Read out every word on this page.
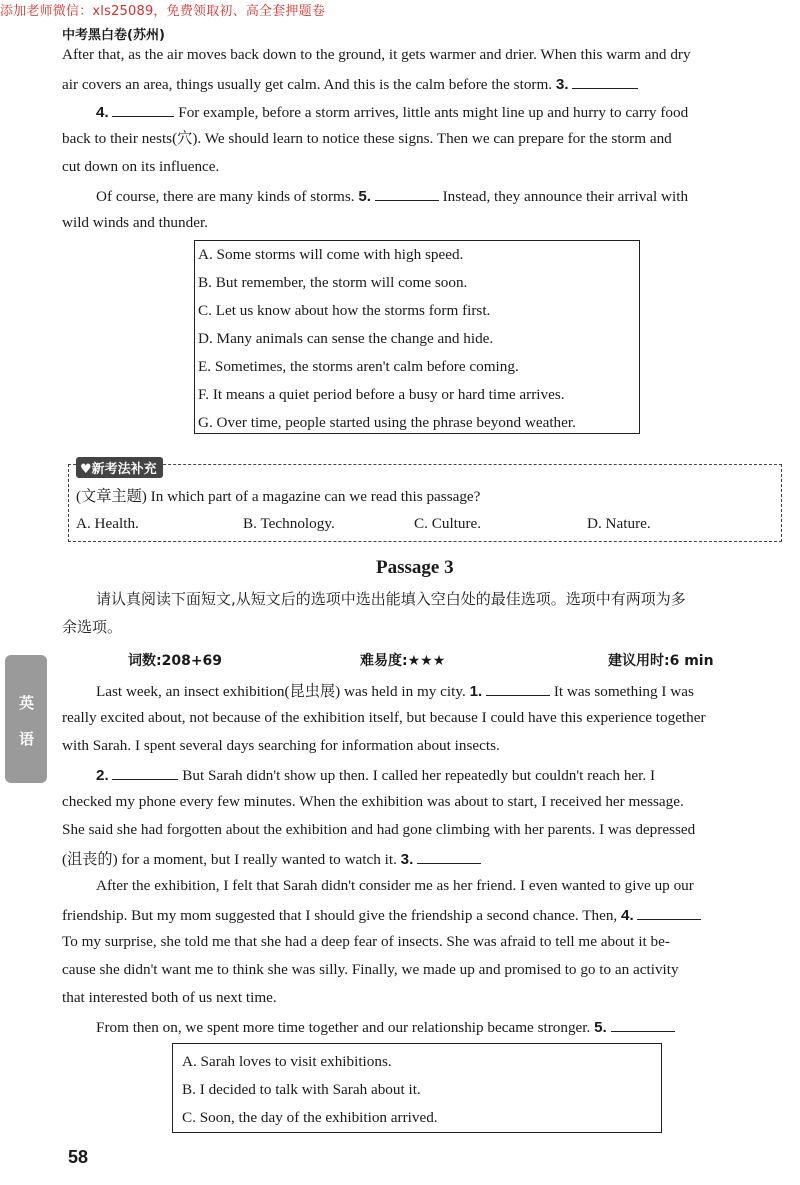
添加老师微信：xls25089，免费领取初、高全套押题卷
中考黑白卷(苏州)
After that, as the air moves back down to the ground, it gets warmer and drier. When this warm and dry
air covers an area, things usually get calm. And this is the calm before the storm. 3.
4.	For example, before a storm arrives, little ants might line up and hurry to carry food
back to their nests(穴). We should learn to notice these signs. Then we can prepare for the storm and
cut down on its influence.
Of course, there are many kinds of storms. 5.	Instead, they announce their arrival with
wild winds and thunder.
A. Some storms will come with high speed.
B. But remember, the storm will come soon.
C. Let us know about how the storms form first.
D. Many animals can sense the change and hide.
E. Sometimes, the storms aren't calm before coming.
F. It means a quiet period before a busy or hard time arrives.
G. Over time, people started using the phrase beyond weather.
♥新考法补充
(文章主题) In which part of a magazine can we read this passage?
A. Health.	B. Technology.	C. Culture.	D. Nature.
Passage 3
请认真阅读下面短文,从短文后的选项中选出能填入空白处的最佳选项。选项中有两项为多
余选项。
词数:208+69	难易度:★★★	建议用时:6 min
Last week, an insect exhibition(昆虫展) was held in my city. 1.	It was something I was
really excited about, not because of the exhibition itself, but because I could have this experience together
with Sarah. I spent several days searching for information about insects.
2.	But Sarah didn't show up then. I called her repeatedly but couldn't reach her. I
checked my phone every few minutes. When the exhibition was about to start, I received her message.
She said she had forgotten about the exhibition and had gone climbing with her parents. I was depressed
(沮丧的) for a moment, but I really wanted to watch it. 3.
After the exhibition, I felt that Sarah didn't consider me as her friend. I even wanted to give up our
friendship. But my mom suggested that I should give the friendship a second chance. Then, 4.
To my surprise, she told me that she had a deep fear of insects. She was afraid to tell me about it be-
cause she didn't want me to think she was silly. Finally, we made up and promised to go to an activity
that interested both of us next time.
From then on, we spent more time together and our relationship became stronger. 5.
A. Sarah loves to visit exhibitions.
B. I decided to talk with Sarah about it.
C. Soon, the day of the exhibition arrived.
英
语
58
